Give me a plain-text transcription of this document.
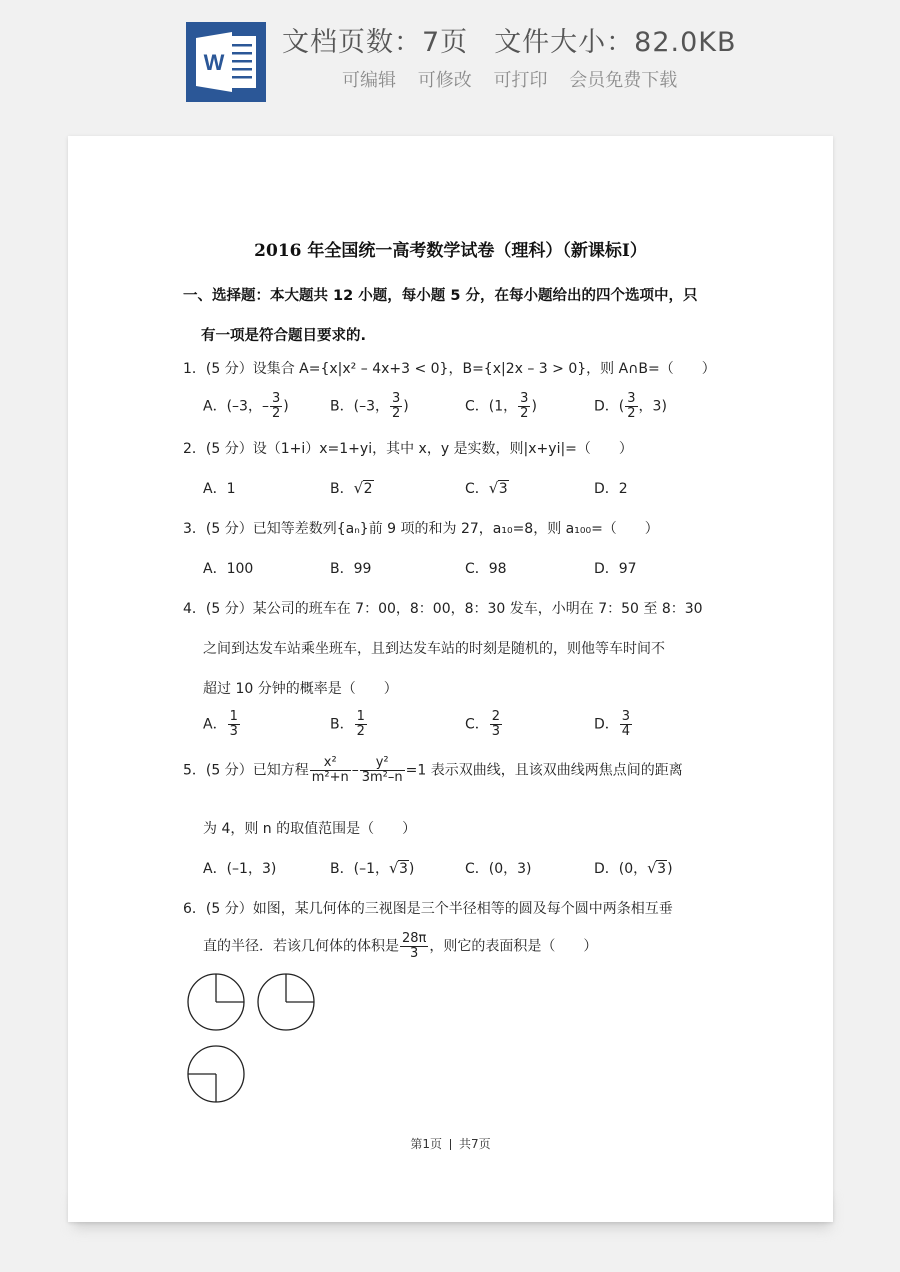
W
文档页数：7页 文件大小：82.0KB
可编辑 可修改 可打印 会员免费下载
2016 年全国统一高考数学试卷（理科）（新课标Ⅰ）
一、选择题：本大题共 12 小题，每小题 5 分，在每小题给出的四个选项中，只
有一项是符合题目要求的.
1．(5 分）设集合 A={x|x² – 4x+3 < 0}，B={x|2x – 3 > 0}，则 A∩B=（　　）
A．(–3，– $\frac{3}{2}$ )	B．(–3， $\frac{3}{2}$ )	C．(1， $\frac{3}{2}$ )	D．( $\frac{3}{2}$ ，3)
2．(5 分）设（1+i）x=1+yi，其中 x，y 是实数，则|x+yi|=（　　）
A．1	B． √ 2	C． √ 3	D．2
3．(5 分）已知等差数列{aₙ}前 9 项的和为 27，a₁₀=8，则 a₁₀₀=（　　）
A．100	B．99	C．98	D．97
4．(5 分）某公司的班车在 7：00，8：00，8：30 发车，小明在 7：50 至 8：30
之间到达发车站乘坐班车，且到达发车站的时刻是随机的，则他等车时间不
超过 10 分钟的概率是（　　）
A． $\frac{1}{3}$	B． $\frac{1}{2}$	C． $\frac{2}{3}$	D． $\frac{3}{4}$
5．(5 分）已知方程 $\frac{\text{x²}}{\text{m²+n}} - \frac{\text{y²}}{\text{3m²–n}} =1$ 表示双曲线，且该双曲线两焦点间的距离
为 4，则 n 的取值范围是（　　）
A．(–1，3)	B．(–1， √ 3)	C．(0，3)	D．(0， √ 3)
6．(5 分）如图，某几何体的三视图是三个半径相等的圆及每个圆中两条相互垂
直的半径．若该几何体的体积是 $\frac{28\pi}{3}$ ，则它的表面积是（　　）
第1页 共7页
